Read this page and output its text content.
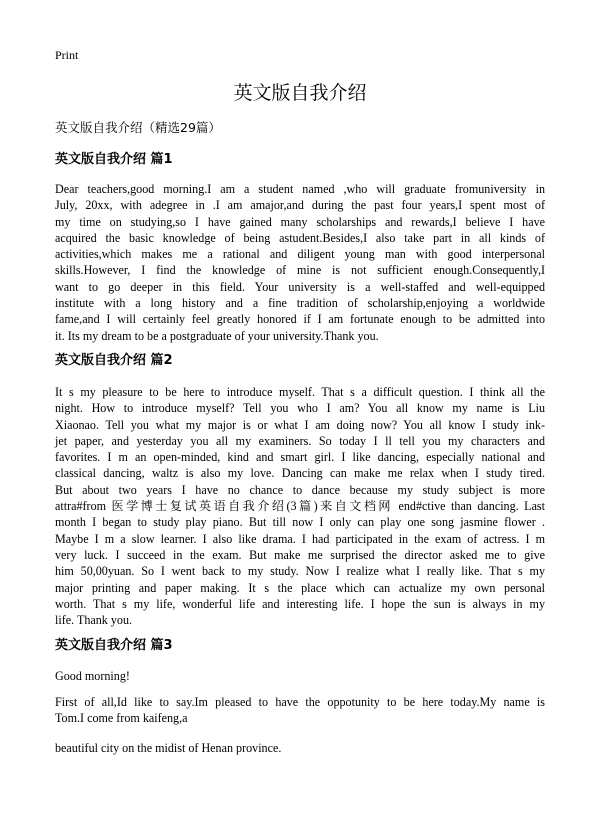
Print
英文版自我介绍
英文版自我介绍（精选29篇）
英文版自我介绍 篇1
Dear teachers,good morning.I am a student named ,who will graduate fromuniversity in
July, 20xx, with adegree in .I am amajor,and during the past four years,I spent most of
my time on studying,so I have gained many scholarships and rewards,I believe I have
acquired the basic knowledge of being astudent.Besides,I also take part in all kinds of
activities,which makes me a rational and diligent young man with good interpersonal
skills.However, I find the knowledge of mine is not sufficient enough.Consequently,I
want to go deeper in this field. Your university is a well-staffed and well-equipped
institute with a long history and a fine tradition of scholarship,enjoying a worldwide
fame,and I will certainly feel greatly honored if I am fortunate enough to be admitted into
it. Its my dream to be a postgraduate of your university.Thank you.
英文版自我介绍 篇2
It s my pleasure to be here to introduce myself. That s a difficult question. I think all the
night. How to introduce myself? Tell you who I am? You all know my name is Liu
Xiaonao. Tell you what my major is or what I am doing now? You all know I study ink-
jet paper, and yesterday you all my examiners. So today I ll tell you my characters and
favorites. I m an open-minded, kind and smart girl. I like dancing, especially national and
classical dancing, waltz is also my love. Dancing can make me relax when I study tired.
But about two years I have no chance to dance because my study subject is more
attra#from 医学博士复试英语自我介绍(3篇)来自文档网 end#ctive than dancing. Last
month I began to study play piano. But till now I only can play one song jasmine flower .
Maybe I m a slow learner. I also like drama. I had participated in the exam of actress. I m
very luck. I succeed in the exam. But make me surprised the director asked me to give
him 50,00yuan. So I went back to my study. Now I realize what I really like. That s my
major printing and paper making. It s the place which can actualize my own personal
worth. That s my life, wonderful life and interesting life. I hope the sun is always in my
life. Thank you.
英文版自我介绍 篇3
Good morning!
First of all,Id like to say.Im pleased to have the oppotunity to be here today.My name is
Tom.I come from kaifeng,a
beautiful city on the midist of Henan province.
